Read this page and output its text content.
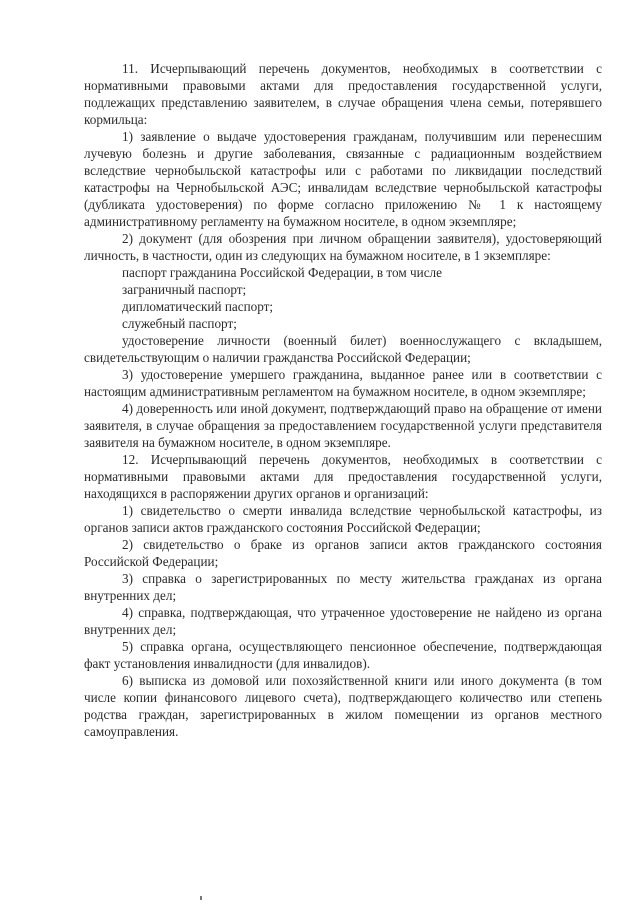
11. Исчерпывающий перечень документов, необходимых в соответствии с нормативными правовыми актами для предоставления государственной услуги, подлежащих представлению заявителем, в случае обращения члена семьи, потерявшего кормильца:

1) заявление о выдаче удостоверения гражданам, получившим или перенесшим лучевую болезнь и другие заболевания, связанные с радиационным воздействием вследствие чернобыльской катастрофы или с работами по ликвидации последствий катастрофы на Чернобыльской АЭС; инвалидам вследствие чернобыльской катастрофы (дубликата удостоверения) по форме согласно приложению № 1 к настоящему административному регламенту на бумажном носителе, в одном экземпляре;

2) документ (для обозрения при личном обращении заявителя), удостоверяющий личность, в частности, один из следующих на бумажном носителе, в 1 экземпляре:

паспорт гражданина Российской Федерации, в том числе

заграничный паспорт;

дипломатический паспорт;

служебный паспорт;

удостоверение личности (военный билет) военнослужащего с вкладышем, свидетельствующим о наличии гражданства Российской Федерации;

3) удостоверение умершего гражданина, выданное ранее или в соответствии с настоящим административным регламентом на бумажном носителе, в одном экземпляре;

4) доверенность или иной документ, подтверждающий право на обращение от имени заявителя, в случае обращения за предоставлением государственной услуги представителя заявителя на бумажном носителе, в одном экземпляре.

12. Исчерпывающий перечень документов, необходимых в соответствии с нормативными правовыми актами для предоставления государственной услуги, находящихся в распоряжении других органов и организаций:

1) свидетельство о смерти инвалида вследствие чернобыльской катастрофы, из органов записи актов гражданского состояния Российской Федерации;

2) свидетельство о браке из органов записи актов гражданского состояния Российской Федерации;

3) справка о зарегистрированных по месту жительства гражданах из органа внутренних дел;

4) справка, подтверждающая, что утраченное удостоверение не найдено из органа внутренних дел;

5) справка органа, осуществляющего пенсионное обеспечение, подтверждающая факт установления инвалидности (для инвалидов).

6) выписка из домовой или похозяйственной книги или иного документа (в том числе копии финансового лицевого счета), подтверждающего количество или степень родства граждан, зарегистрированных в жилом помещении из органов местного самоуправления.
